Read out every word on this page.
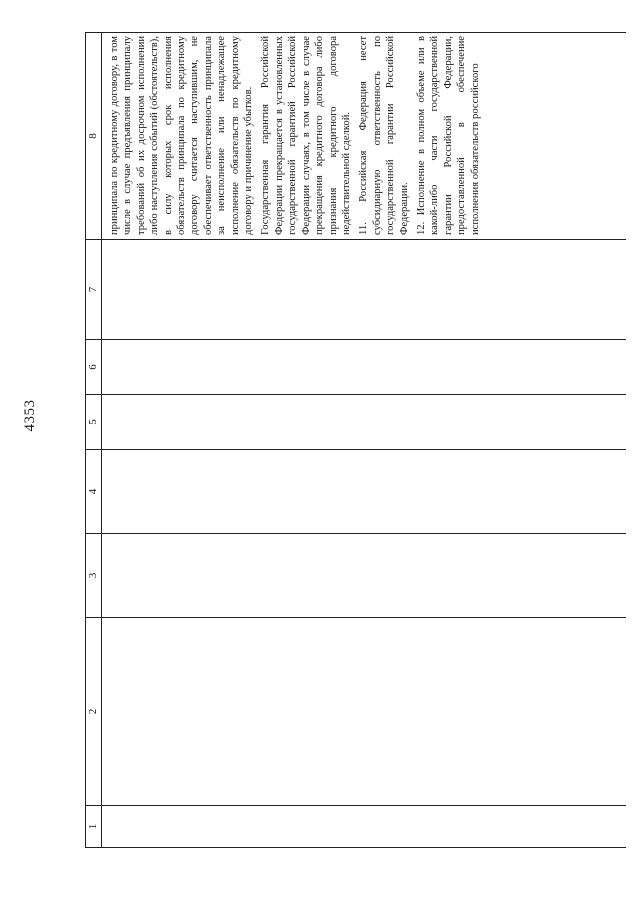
4353
1	2	3	4	5	6	7	8

							принципала по кредитному договору, в том числе в случае предъявления принципалу требований об их досрочном исполнении либо наступления событий (обстоятельств), в силу которых срок исполнения обязательств принципала по кредитному договору считается наступившим, не обеспечивает ответственность принципала за неисполнение или ненадлежащее исполнение обязательств по кредитному договору и причинение убытков. Государственная гарантия Российской Федерации прекращается в установленных государственной гарантией Российской Федерации случаях, в том числе в случае прекращения кредитного договора либо признания кредитного договора недействительной сделкой. 11. Российская Федерация несет субсидиарную ответственность по государственной гарантии Российской Федерации. 12. Исполнение в полном объеме или в какой-либо части государственной гарантии Российской Федерации, предоставленной в обеспечение исполнения обязательств российского
